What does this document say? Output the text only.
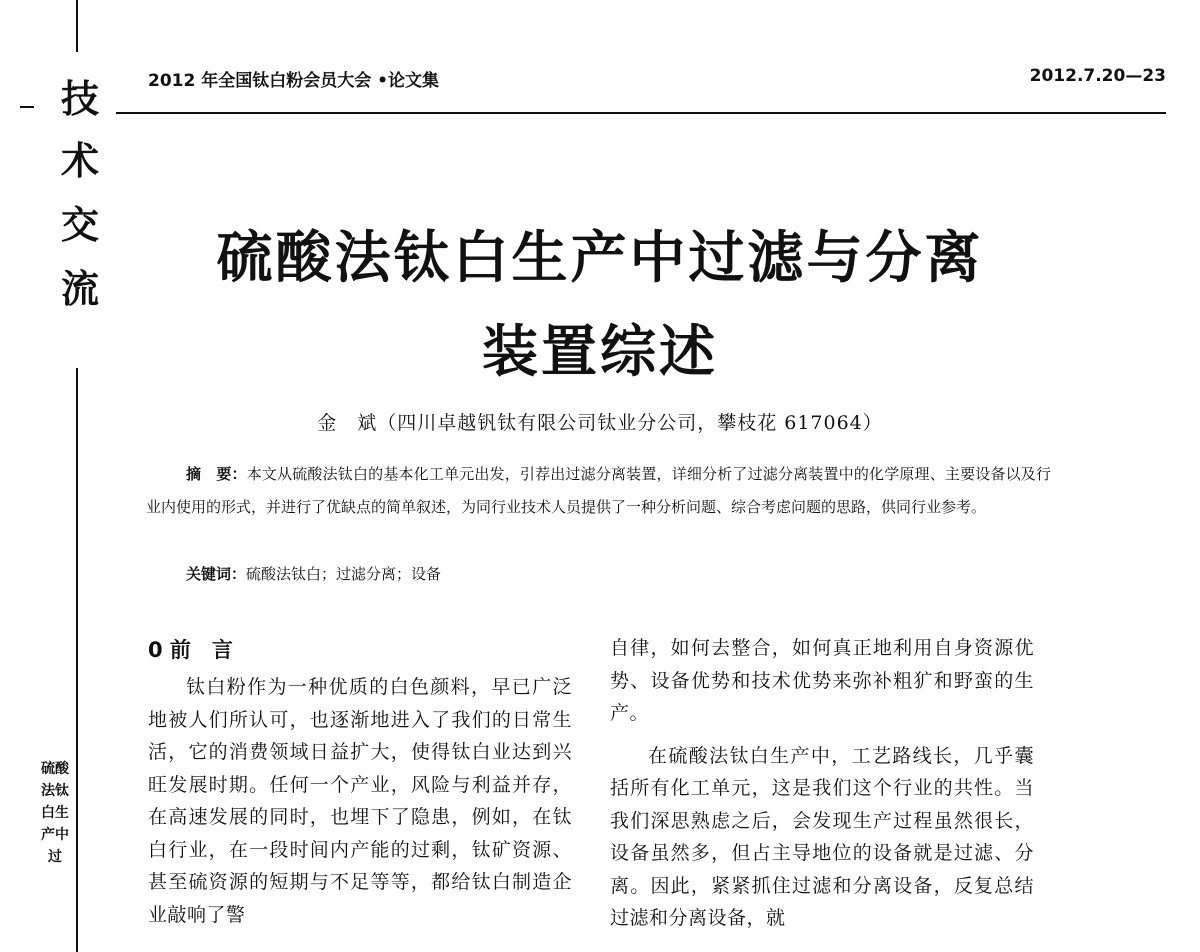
技
术
交
流
硫酸法钛白生产中过
2012 年全国钛白粉会员大会 •论文集	2012.7.20—23
硫酸法钛白生产中过滤与分离
装置综述
金　斌（四川卓越钒钛有限公司钛业分公司，攀枝花 617064）
摘　要：本文从硫酸法钛白的基本化工单元出发，引荐出过滤分离装置，详细分析了过滤分离装置中的化学原理、主要设备以及行业内使用的形式，并进行了优缺点的简单叙述，为同行业技术人员提供了一种分析问题、综合考虑问题的思路，供同行业参考。
关键词：硫酸法钛白；过滤分离；设备
0 前　言

钛白粉作为一种优质的白色颜料，早已广泛地被人们所认可，也逐渐地进入了我们的日常生活，它的消费领域日益扩大，使得钛白业达到兴旺发展时期。任何一个产业，风险与利益并存，在高速发展的同时，也埋下了隐患，例如，在钛白行业，在一段时间内产能的过剩，钛矿资源、甚至硫资源的短期与不足等等，都给钛白制造企业敲响了警

自律，如何去整合，如何真正地利用自身资源优势、设备优势和技术优势来弥补粗犷和野蛮的生产。

在硫酸法钛白生产中，工艺路线长，几乎囊括所有化工单元，这是我们这个行业的共性。当我们深思熟虑之后，会发现生产过程虽然很长，设备虽然多，但占主导地位的设备就是过滤、分离。因此，紧紧抓住过滤和分离设备，反复总结过滤和分离设备，就
